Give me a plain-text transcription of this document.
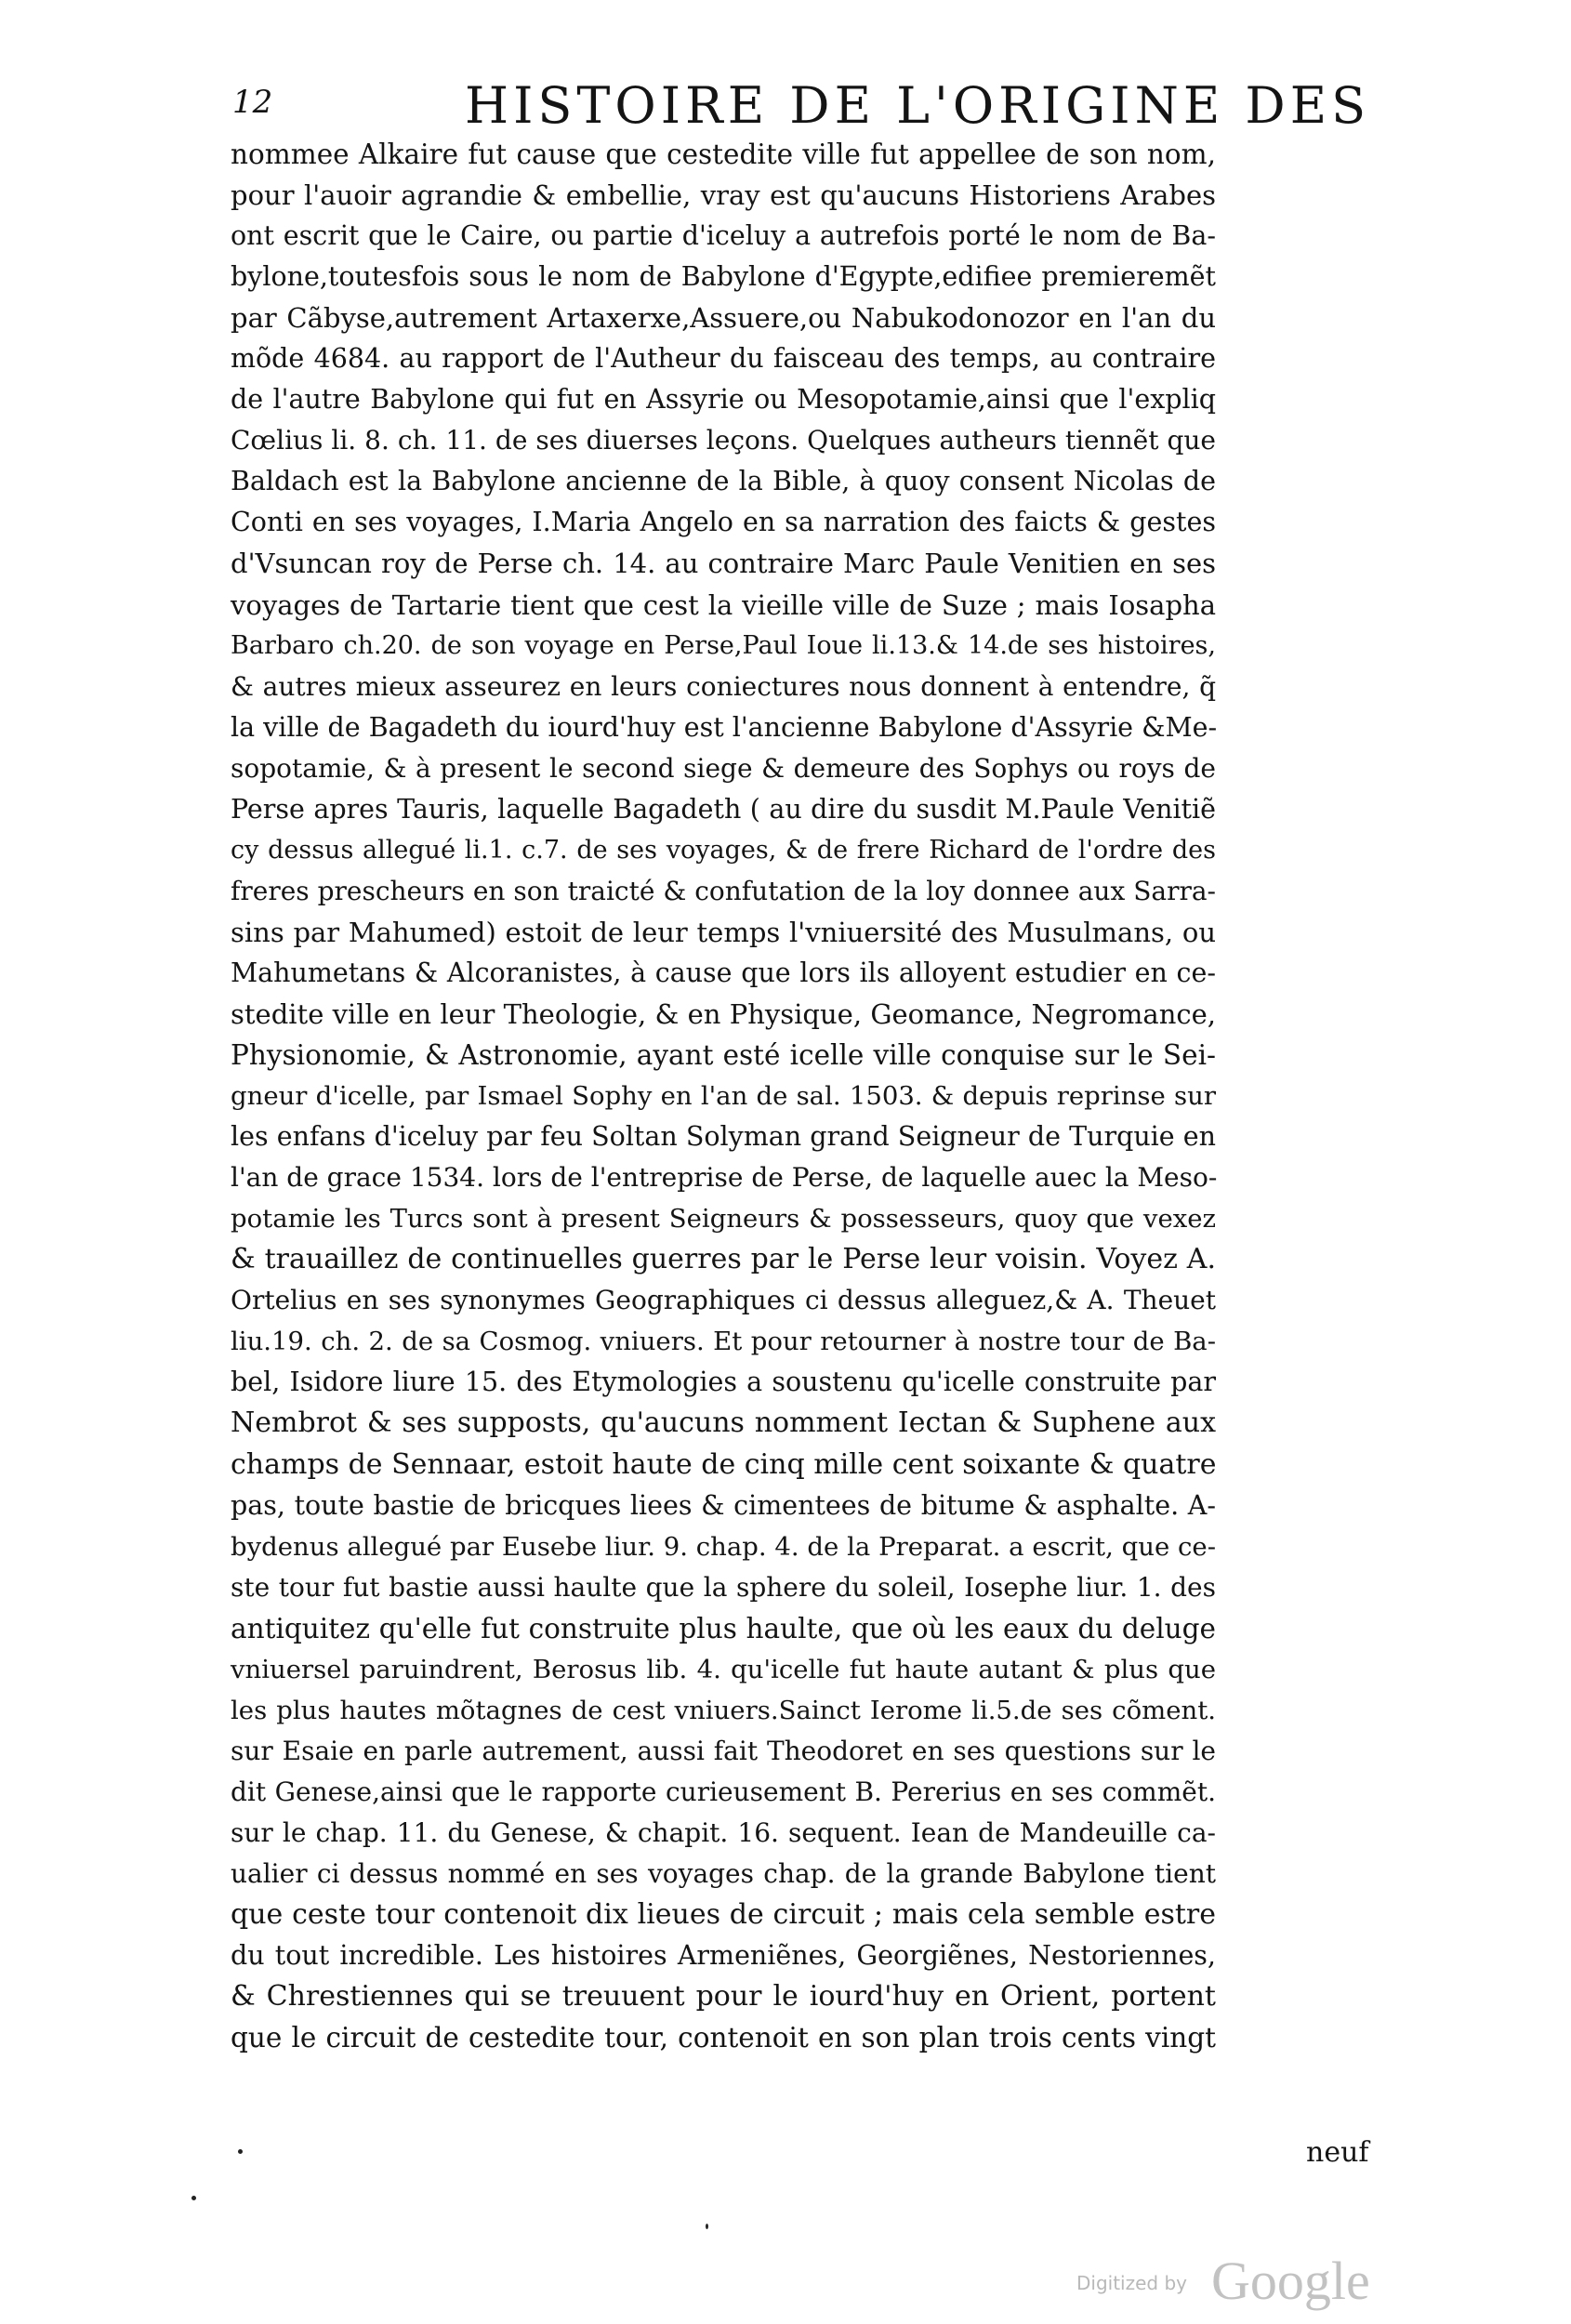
12	HISTOIRE DE L'ORIGINE DES
nommee Alkaire fut cause que cestedite ville fut appellee de son nom,
pour l'auoir agrandie & embellie, vray est qu'aucuns Historiens Arabes
ont escrit que le Caire, ou partie d'iceluy a autrefois porté le nom de Ba-
bylone,toutesfois sous le nom de Babylone d'Egypte,edifiee premieremẽt
par Cãbyse,autrement Artaxerxe,Assuere,ou Nabukodonozor en l'an du
mõde 4684. au rapport de l'Autheur du faisceau des temps, au contraire
de l'autre Babylone qui fut en Assyrie ou Mesopotamie,ainsi que l'expliq
Cœlius li. 8. ch. 11. de ses diuerses leçons. Quelques autheurs tiennẽt que
Baldach est la Babylone ancienne de la Bible, à quoy consent Nicolas de
Conti en ses voyages, I.Maria Angelo en sa narration des faicts & gestes
d'Vsuncan roy de Perse ch. 14. au contraire Marc Paule Venitien en ses
voyages de Tartarie tient que cest la vieille ville de Suze ; mais Iosapha
Barbaro ch.20. de son voyage en Perse,Paul Ioue li.13.& 14.de ses histoires,
& autres mieux asseurez en leurs coniectures nous donnent à entendre, q̃
la ville de Bagadeth du iourd'huy est l'ancienne Babylone d'Assyrie &Me-
sopotamie, & à present le second siege & demeure des Sophys ou roys de
Perse apres Tauris, laquelle Bagadeth ( au dire du susdit M.Paule Venitiẽ
cy dessus allegué li.1. c.7. de ses voyages, & de frere Richard de l'ordre des
freres prescheurs en son traicté & confutation de la loy donnee aux Sarra-
sins par Mahumed) estoit de leur temps l'vniuersité des Musulmans, ou
Mahumetans & Alcoranistes, à cause que lors ils alloyent estudier en ce-
stedite ville en leur Theologie, & en Physique, Geomance, Negromance,
Physionomie, & Astronomie, ayant esté icelle ville conquise sur le Sei-
gneur d'icelle, par Ismael Sophy en l'an de sal. 1503. & depuis reprinse sur
les enfans d'iceluy par feu Soltan Solyman grand Seigneur de Turquie en
l'an de grace 1534. lors de l'entreprise de Perse, de laquelle auec la Meso-
potamie les Turcs sont à present Seigneurs & possesseurs, quoy que vexez
& trauaillez de continuelles guerres par le Perse leur voisin. Voyez A.
Ortelius en ses synonymes Geographiques ci dessus alleguez,& A. Theuet
liu.19. ch. 2. de sa Cosmog. vniuers. Et pour retourner à nostre tour de Ba-
bel, Isidore liure 15. des Etymologies a soustenu qu'icelle construite par
Nembrot & ses supposts, qu'aucuns nomment Iectan & Suphene aux
champs de Sennaar, estoit haute de cinq mille cent soixante & quatre
pas, toute bastie de bricques liees & cimentees de bitume & asphalte. A-
bydenus allegué par Eusebe liur. 9. chap. 4. de la Preparat. a escrit, que ce-
ste tour fut bastie aussi haulte que la sphere du soleil, Iosephe liur. 1. des
antiquitez qu'elle fut construite plus haulte, que où les eaux du deluge
vniuersel paruindrent, Berosus lib. 4. qu'icelle fut haute autant & plus que
les plus hautes mõtagnes de cest vniuers.Sainct Ierome li.5.de ses cõment.
sur Esaie en parle autrement, aussi fait Theodoret en ses questions sur le
dit Genese,ainsi que le rapporte curieusement B. Pererius en ses commẽt.
sur le chap. 11. du Genese, & chapit. 16. sequent. Iean de Mandeuille ca-
ualier ci dessus nommé en ses voyages chap. de la grande Babylone tient
que ceste tour contenoit dix lieues de circuit ; mais cela semble estre
du tout incredible. Les histoires Armeniẽnes, Georgiẽnes, Nestoriennes,
& Chrestiennes qui se treuuent pour le iourd'huy en Orient, portent
que le circuit de cestedite tour, contenoit en son plan trois cents vingt
neuf
Digitized by Google
